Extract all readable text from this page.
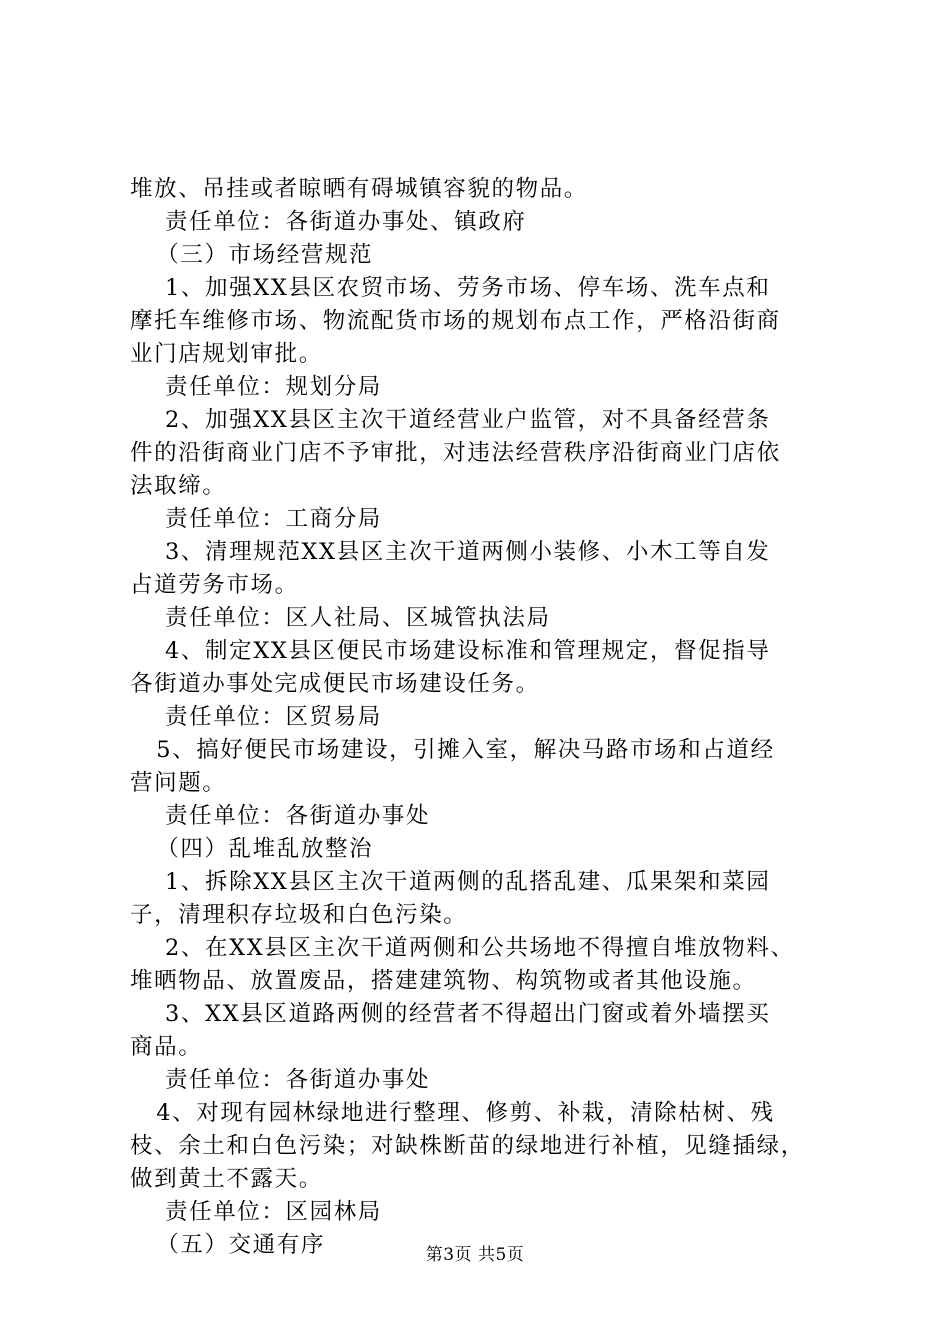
堆放、吊挂或者晾晒有碍城镇容貌的物品。
责任单位：各街道办事处、镇政府
（三）市场经营规范
1、加强XX县区农贸市场、劳务市场、停车场、洗车点和
摩托车维修市场、物流配货市场的规划布点工作，严格沿街商
业门店规划审批。
责任单位：规划分局
2、加强XX县区主次干道经营业户监管，对不具备经营条
件的沿街商业门店不予审批，对违法经营秩序沿街商业门店依
法取缔。
责任单位：工商分局
3、清理规范XX县区主次干道两侧小装修、小木工等自发
占道劳务市场。
责任单位：区人社局、区城管执法局
4、制定XX县区便民市场建设标准和管理规定，督促指导
各街道办事处完成便民市场建设任务。
责任单位：区贸易局
5、搞好便民市场建设，引摊入室，解决马路市场和占道经
营问题。
责任单位：各街道办事处
（四）乱堆乱放整治
1、拆除XX县区主次干道两侧的乱搭乱建、瓜果架和菜园
子，清理积存垃圾和白色污染。
2、在XX县区主次干道两侧和公共场地不得擅自堆放物料、
堆晒物品、放置废品，搭建建筑物、构筑物或者其他设施。
3、XX县区道路两侧的经营者不得超出门窗或着外墙摆买
商品。
责任单位：各街道办事处
4、对现有园林绿地进行整理、修剪、补栽，清除枯树、残
枝、余土和白色污染；对缺株断苗的绿地进行补植，见缝插绿，
做到黄土不露天。
责任单位：区园林局
（五）交通有序	第3页 共5页
